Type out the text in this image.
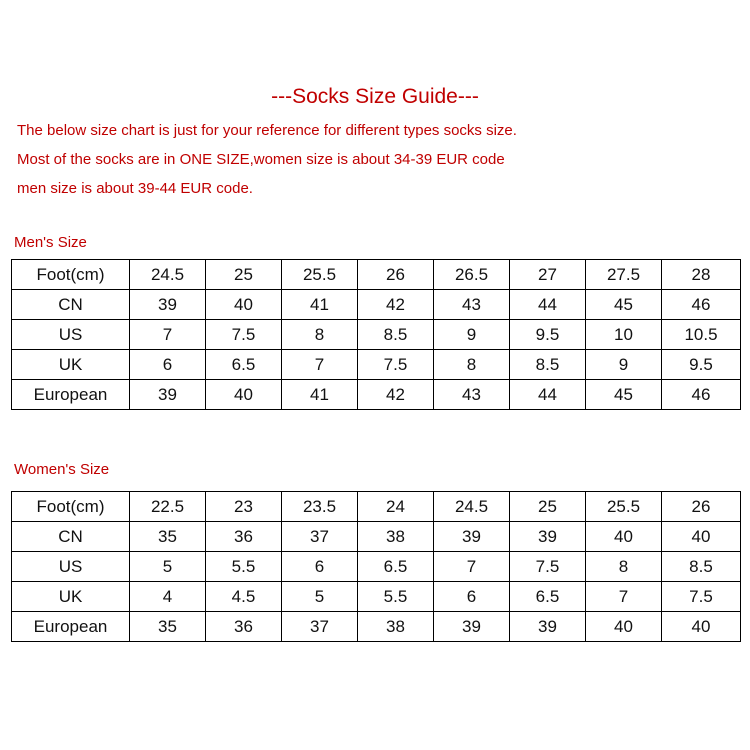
---Socks Size Guide---
The below size chart is just for your reference for different types socks size.
Most of the socks are in ONE SIZE,women size is about 34-39 EUR code
men size is about 39-44 EUR code.
Men's Size
Foot(cm)	24.5	25	25.5	26	26.5	27	27.5	28
CN	39	40	41	42	43	44	45	46
US	7	7.5	8	8.5	9	9.5	10	10.5
UK	6	6.5	7	7.5	8	8.5	9	9.5
European	39	40	41	42	43	44	45	46
Women's Size
Foot(cm)	22.5	23	23.5	24	24.5	25	25.5	26
CN	35	36	37	38	39	39	40	40
US	5	5.5	6	6.5	7	7.5	8	8.5
UK	4	4.5	5	5.5	6	6.5	7	7.5
European	35	36	37	38	39	39	40	40
